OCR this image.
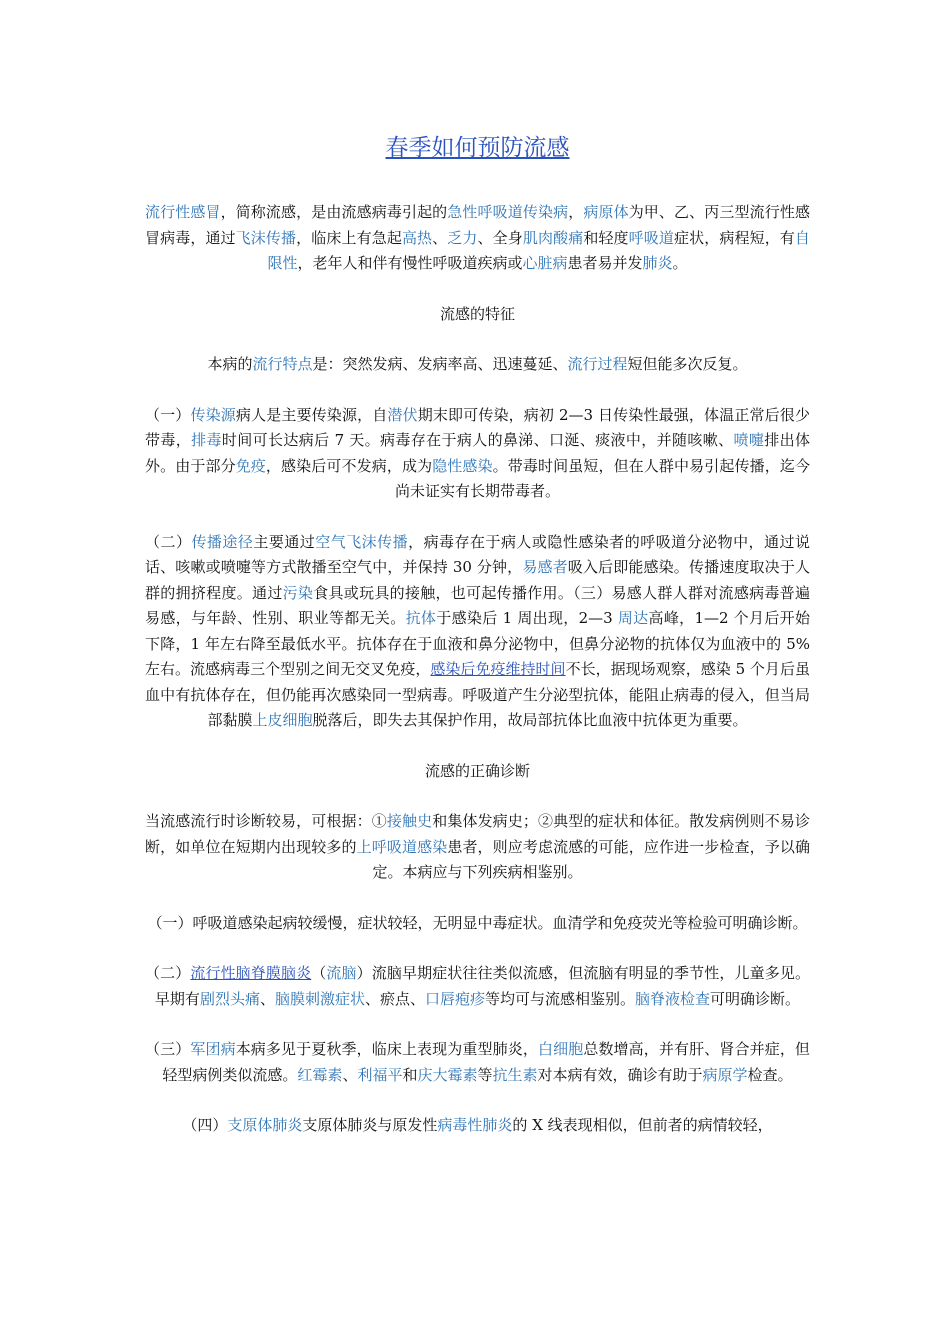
春季如何预防流感
流行性感冒，简称流感，是由流感病毒引起的急性呼吸道传染病，病原体为甲、乙、丙三型流行性感冒病毒，通过飞沫传播，临床上有急起高热、乏力、全身肌肉酸痛和轻度呼吸道症状，病程短，有自限性，老年人和伴有慢性呼吸道疾病或心脏病患者易并发肺炎。
流感的特征
本病的流行特点是：突然发病、发病率高、迅速蔓延、流行过程短但能多次反复。
（一）传染源病人是主要传染源，自潜伏期末即可传染，病初 2—3 日传染性最强，体温正常后很少带毒，排毒时间可长达病后 7 天。病毒存在于病人的鼻涕、口涎、痰液中，并随咳嗽、喷嚏排出体外。由于部分免疫，感染后可不发病，成为隐性感染。带毒时间虽短，但在人群中易引起传播，迄今尚未证实有长期带毒者。
（二）传播途径主要通过空气飞沫传播，病毒存在于病人或隐性感染者的呼吸道分泌物中，通过说话、咳嗽或喷嚏等方式散播至空气中，并保持 30 分钟，易感者吸入后即能感染。传播速度取决于人群的拥挤程度。通过污染食具或玩具的接触，也可起传播作用。（三）易感人群人群对流感病毒普遍易感，与年龄、性别、职业等都无关。抗体于感染后 1 周出现，2—3 周达高峰，1—2 个月后开始下降，1 年左右降至最低水平。抗体存在于血液和鼻分泌物中，但鼻分泌物的抗体仅为血液中的 5%左右。流感病毒三个型别之间无交叉免疫，感染后免疫维持时间不长，据现场观察，感染 5 个月后虽血中有抗体存在，但仍能再次感染同一型病毒。呼吸道产生分泌型抗体，能阻止病毒的侵入，但当局部黏膜上皮细胞脱落后，即失去其保护作用，故局部抗体比血液中抗体更为重要。
流感的正确诊断
当流感流行时诊断较易，可根据：①接触史和集体发病史；②典型的症状和体征。散发病例则不易诊断，如单位在短期内出现较多的上呼吸道感染患者，则应考虑流感的可能，应作进一步检查，予以确定。本病应与下列疾病相鉴别。
（一）呼吸道感染起病较缓慢，症状较轻，无明显中毒症状。血清学和免疫荧光等检验可明确诊断。
（二）流行性脑脊膜脑炎（流脑）流脑早期症状往往类似流感，但流脑有明显的季节性，儿童多见。早期有剧烈头痛、脑膜刺激症状、瘀点、口唇疱疹等均可与流感相鉴别。脑脊液检查可明确诊断。
（三）军团病本病多见于夏秋季，临床上表现为重型肺炎，白细胞总数增高，并有肝、肾合并症，但轻型病例类似流感。红霉素、利福平和庆大霉素等抗生素对本病有效，确诊有助于病原学检查。
（四）支原体肺炎支原体肺炎与原发性病毒性肺炎的 X 线表现相似，但前者的病情较轻，
